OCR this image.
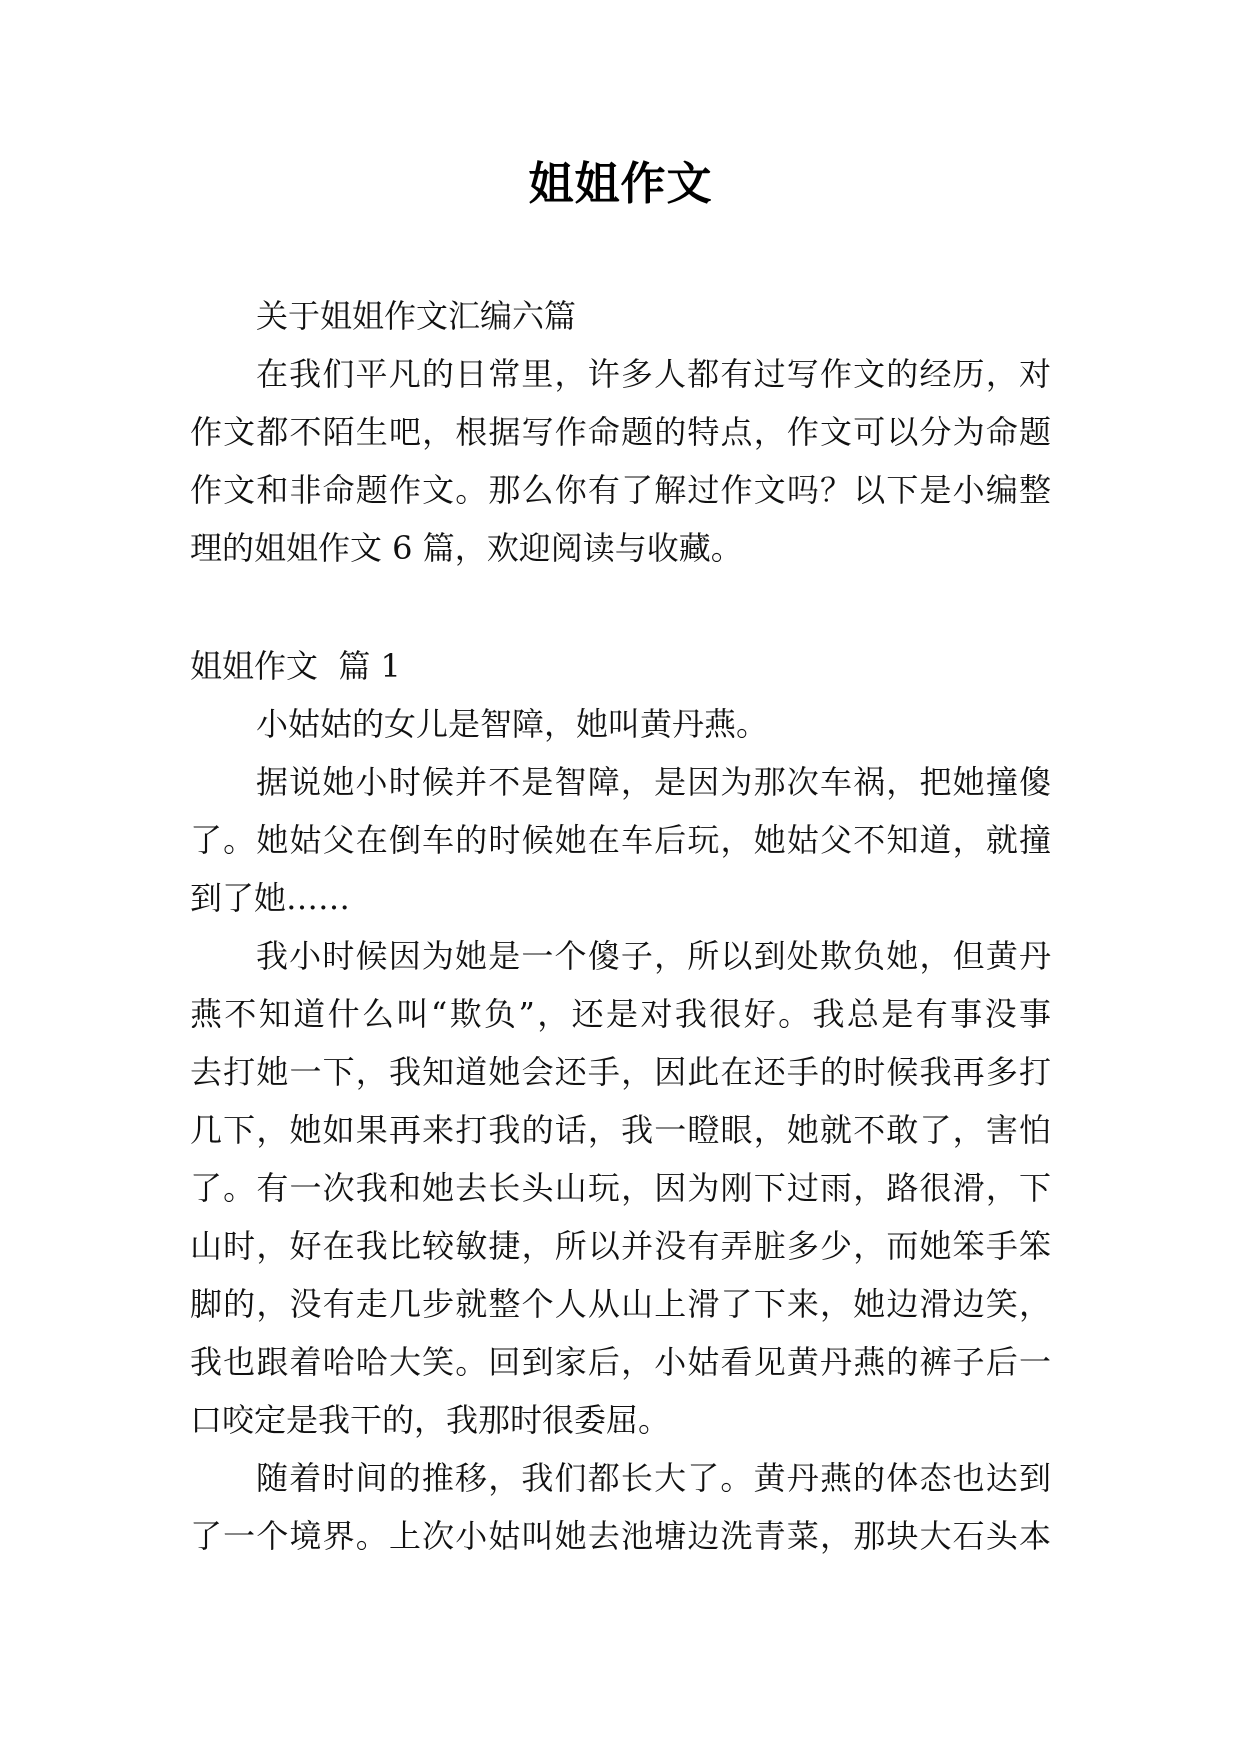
姐姐作文
关于姐姐作文汇编六篇
在我们平凡的日常里，许多人都有过写作文的经历，对
作文都不陌生吧，根据写作命题的特点，作文可以分为命题
作文和非命题作文。那么你有了解过作文吗？以下是小编整
理的姐姐作文 6 篇，欢迎阅读与收藏。
姐姐作文  篇 1
小姑姑的女儿是智障，她叫黄丹燕。
据说她小时候并不是智障，是因为那次车祸，把她撞傻
了。她姑父在倒车的时候她在车后玩，她姑父不知道，就撞
到了她……
我小时候因为她是一个傻子，所以到处欺负她，但黄丹
燕不知道什么叫“欺负”，还是对我很好。我总是有事没事
去打她一下，我知道她会还手，因此在还手的时候我再多打
几下，她如果再来打我的话，我一瞪眼，她就不敢了，害怕
了。有一次我和她去长头山玩，因为刚下过雨，路很滑，下
山时，好在我比较敏捷，所以并没有弄脏多少，而她笨手笨
脚的，没有走几步就整个人从山上滑了下来，她边滑边笑，
我也跟着哈哈大笑。回到家后，小姑看见黄丹燕的裤子后一
口咬定是我干的，我那时很委屈。
随着时间的推移，我们都长大了。黄丹燕的体态也达到
了一个境界。上次小姑叫她去池塘边洗青菜，那块大石头本
